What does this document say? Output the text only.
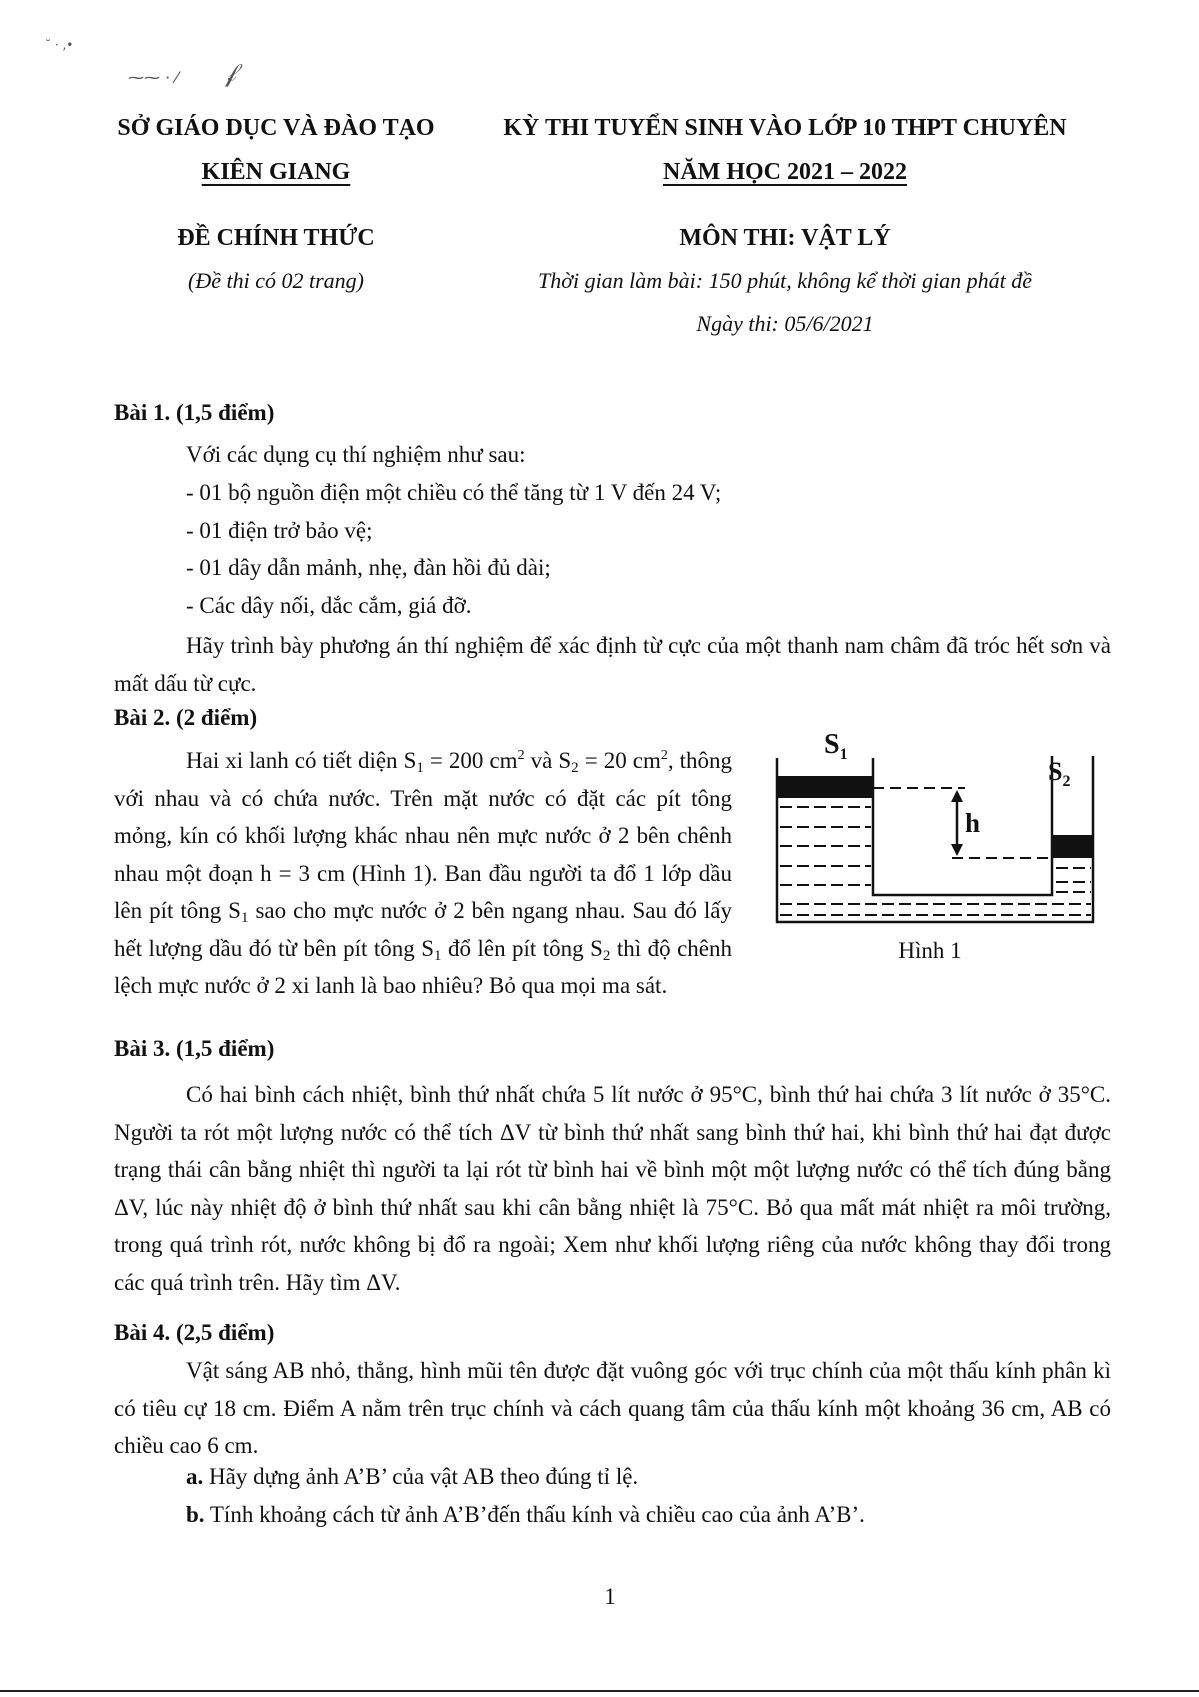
˘ · ,•
⁓⁓ · ⁄ 𝒻
SỞ GIÁO DỤC VÀ ĐÀO TẠO
KIÊN GIANG
KỲ THI TUYỂN SINH VÀO LỚP 10 THPT CHUYÊN
NĂM HỌC 2021 – 2022
ĐỀ CHÍNH THỨC
(Đề thi có 02 trang)
MÔN THI: VẬT LÝ
Thời gian làm bài: 150 phút, không kể thời gian phát đề
Ngày thi: 05/6/2021
Bài 1. (1,5 điểm)
Với các dụng cụ thí nghiệm như sau:
- 01 bộ nguồn điện một chiều có thể tăng từ 1 V đến 24 V;
- 01 điện trở bảo vệ;
- 01 dây dẫn mảnh, nhẹ, đàn hồi đủ dài;
- Các dây nối, dắc cắm, giá đỡ.
Hãy trình bày phương án thí nghiệm để xác định từ cực của một thanh nam châm đã tróc hết sơn và mất dấu từ cực.
Bài 2. (2 điểm)
Hai xi lanh có tiết diện $S_1 = 200$ $cm^2$ và $S_2 = 20$ $cm^2$, thông với nhau và có chứa nước. Trên mặt nước có đặt các pít tông mỏng, kín có khối lượng khác nhau nên mực nước ở 2 bên chênh nhau một đoạn h = 3 cm (Hình 1). Ban đầu người ta đổ 1 lớp dầu lên pít tông $S_1$ sao cho mực nước ở 2 bên ngang nhau. Sau đó lấy hết lượng dầu đó từ bên pít tông $S_1$ đổ lên pít tông $S_2$ thì độ chênh lệch mực nước ở 2 xi lanh là bao nhiêu? Bỏ qua mọi ma sát.
$S_1$
$S_2$
h
Hình 1
Bài 3. (1,5 điểm)
Có hai bình cách nhiệt, bình thứ nhất chứa 5 lít nước ở 95°C, bình thứ hai chứa 3 lít nước ở 35°C. Người ta rót một lượng nước có thể tích ΔV từ bình thứ nhất sang bình thứ hai, khi bình thứ hai đạt được trạng thái cân bằng nhiệt thì người ta lại rót từ bình hai về bình một một lượng nước có thể tích đúng bằng ΔV, lúc này nhiệt độ ở bình thứ nhất sau khi cân bằng nhiệt là 75°C. Bỏ qua mất mát nhiệt ra môi trường, trong quá trình rót, nước không bị đổ ra ngoài; Xem như khối lượng riêng của nước không thay đổi trong các quá trình trên. Hãy tìm ΔV.
Bài 4. (2,5 điểm)
Vật sáng AB nhỏ, thẳng, hình mũi tên được đặt vuông góc với trục chính của một thấu kính phân kì có tiêu cự 18 cm. Điểm A nằm trên trục chính và cách quang tâm của thấu kính một khoảng 36 cm, AB có chiều cao 6 cm.
a. Hãy dựng ảnh A’B’ của vật AB theo đúng tỉ lệ.
b. Tính khoảng cách từ ảnh A’B’đến thấu kính và chiều cao của ảnh A’B’.
1
